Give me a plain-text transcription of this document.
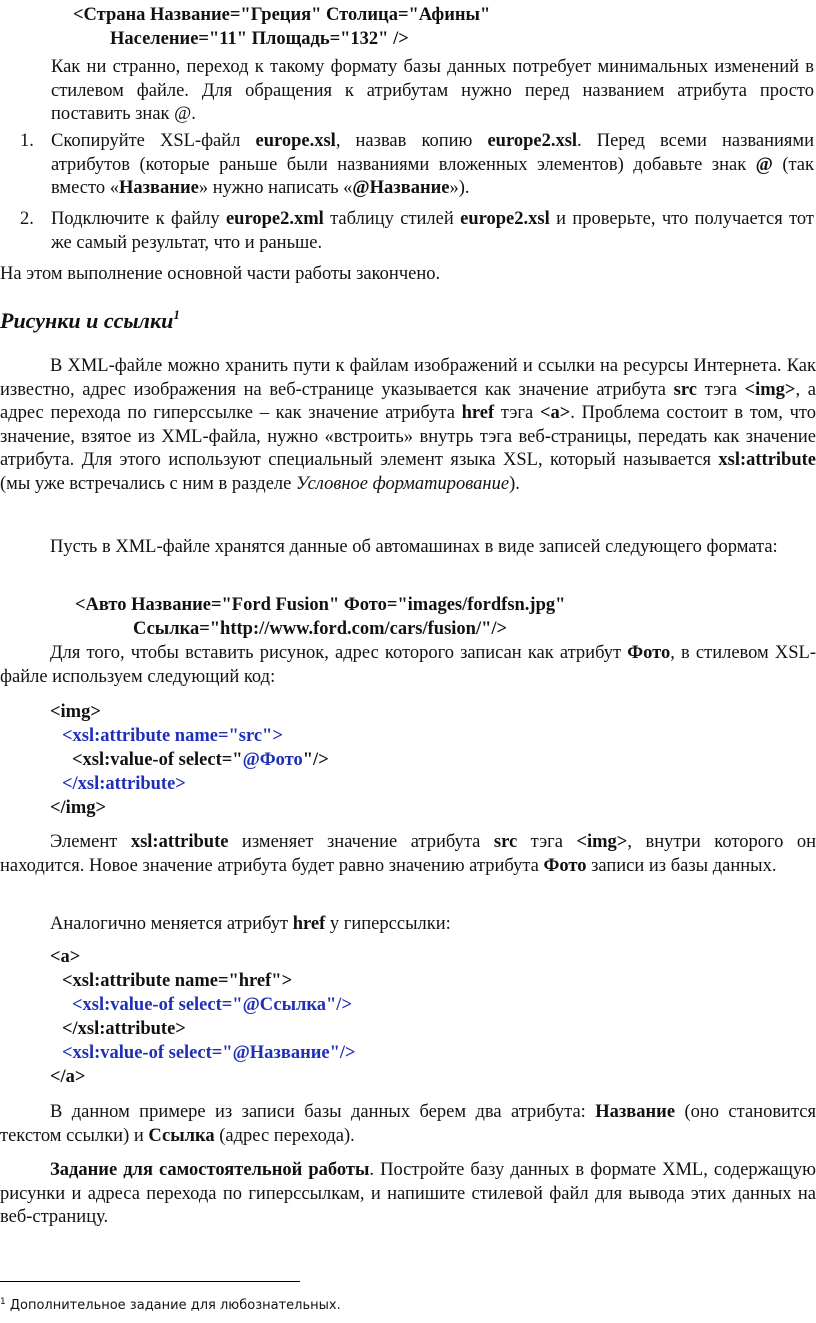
<Страна Название="Греция" Столица="Афины"
Население="11" Площадь="132" />
Как ни странно, переход к такому формату базы данных потребует минимальных изменений в стилевом файле. Для обращения к атрибутам нужно перед названием атрибута просто поставить знак @.
1. Скопируйте XSL-файл europe.xsl, назвав копию europe2.xsl. Перед всеми названиями атрибутов (которые раньше были названиями вложенных элементов) добавьте знак @ (так вместо «Название» нужно написать «@Название»).
2. Подключите к файлу europe2.xml таблицу стилей europe2.xsl и проверьте, что получается тот же самый результат, что и раньше.
На этом выполнение основной части работы закончено.
Рисунки и ссылки$^1$
В XML-файле можно хранить пути к файлам изображений и ссылки на ресурсы Интернета. Как известно, адрес изображения на веб-странице указывается как значение атрибута src тэга <img>, а адрес перехода по гиперссылке – как значение атрибута href тэга <a>. Проблема состоит в том, что значение, взятое из XML-файла, нужно «встроить» внутрь тэга веб-страницы, передать как значение атрибута. Для этого используют специальный элемент языка XSL, который называется xsl:attribute (мы уже встречались с ним в разделе Условное форматирование).
Пусть в XML-файле хранятся данные об автомашинах в виде записей следующего формата:
<Авто Название="Ford Fusion" Фото="images/fordfsn.jpg"
Ссылка="http://www.ford.com/cars/fusion/"/>
Для того, чтобы вставить рисунок, адрес которого записан как атрибут Фото, в стилевом XSL-файле используем следующий код:
<img>
<xsl:attribute name="src">
<xsl:value-of select="@Фото"/>
</xsl:attribute>
</img>
Элемент xsl:attribute изменяет значение атрибута src тэга <img>, внутри которого он находится. Новое значение атрибута будет равно значению атрибута Фото записи из базы данных.
Аналогично меняется атрибут href у гиперссылки:
<a>
<xsl:attribute name="href">
<xsl:value-of select="@Ссылка"/>
</xsl:attribute>
<xsl:value-of select="@Название"/>
</a>
В данном примере из записи базы данных берем два атрибута: Название (оно становится текстом ссылки) и Ссылка (адрес перехода).
Задание для самостоятельной работы. Постройте базу данных в формате XML, содержащую рисунки и адреса перехода по гиперссылкам, и напишите стилевой файл для вывода этих данных на веб-страницу.
$^1$ Дополнительное задание для любознательных.
